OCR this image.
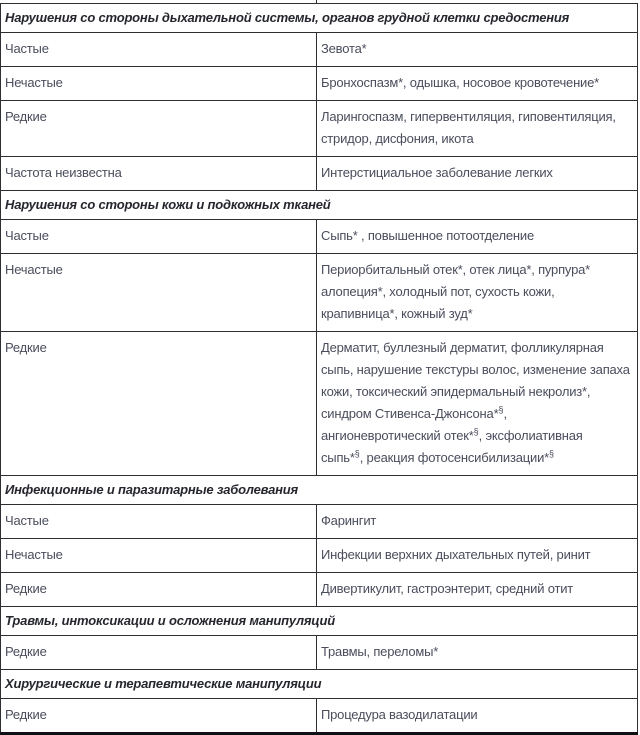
Нарушения со стороны дыхательной системы, органов грудной клетки средостения	
Частые	Зевота*
Нечастые	Бронхоспазм*, одышка, носовое кровотечение*
Редкие	Ларингоспазм, гипервентиляция, гиповентиляция,
стридор, дисфония, икота
Частота неизвестна	Интерстициальное заболевание легких
Нарушения со стороны кожи и подкожных тканей	
Частые	Сыпь* , повышенное потоотделение
Нечастые	Периорбитальный отек*, отек лица*, пурпура*
алопеция*, холодный пот, сухость кожи,
крапивница*, кожный зуд*
Редкие	Дерматит, буллезный дерматит, фолликулярная
сыпь, нарушение текстуры волос, изменение запаха
кожи, токсический эпидермальный некролиз*,
синдром Стивенса-Джонсона*§,
ангионевротический отек*§, эксфолиативная
сыпь*§, реакция фотосенсибилизации*§
Инфекционные и паразитарные заболевания	
Частые	Фарингит
Нечастые	Инфекции верхних дыхательных путей, ринит
Редкие	Дивертикулит, гастроэнтерит, средний отит
Травмы, интоксикации и осложнения манипуляций	
Редкие	Травмы, переломы*
Хирургические и терапевтические манипуляции	
Редкие	Процедура вазодилатации
